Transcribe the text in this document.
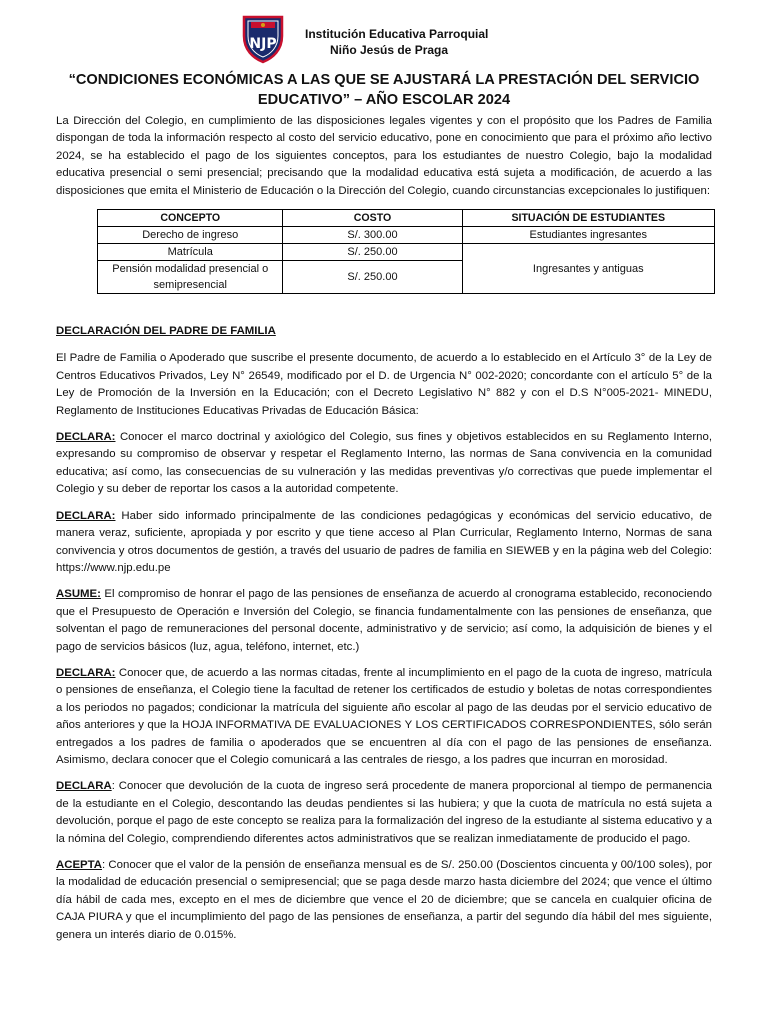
NJP
Institución Educativa Parroquial
Niño Jesús de Praga
“CONDICIONES ECONÓMICAS A LAS QUE SE AJUSTARÁ LA PRESTACIÓN DEL SERVICIO EDUCATIVO” – AÑO ESCOLAR 2024

La Dirección del Colegio, en cumplimiento de las disposiciones legales vigentes y con el propósito que los Padres de Familia dispongan de toda la información respecto al costo del servicio educativo, pone en conocimiento que para el próximo año lectivo 2024, se ha establecido el pago de los siguientes conceptos, para los estudiantes de nuestro Colegio, bajo la modalidad educativa presencial o semi presencial; precisando que la modalidad educativa está sujeta a modificación, de acuerdo a las disposiciones que emita el Ministerio de Educación o la Dirección del Colegio, cuando circunstancias excepcionales lo justifiquen:

CONCEPTO	COSTO	SITUACIÓN DE ESTUDIANTES
Derecho de ingreso	S/. 300.00	Estudiantes ingresantes
Matrícula	S/. 250.00	Ingresantes y antiguas
Pensión modalidad presencial o semipresencial	S/. 250.00	

DECLARACIÓN DEL PADRE DE FAMILIA

El Padre de Familia o Apoderado que suscribe el presente documento, de acuerdo a lo establecido en el Artículo 3° de la Ley de Centros Educativos Privados, Ley N° 26549, modificado por el D. de Urgencia N° 002-2020; concordante con el artículo 5° de la Ley de Promoción de la Inversión en la Educación; con el Decreto Legislativo N° 882 y con el D.S N°005-2021- MINEDU, Reglamento de Instituciones Educativas Privadas de Educación Básica:

DECLARA: Conocer el marco doctrinal y axiológico del Colegio, sus fines y objetivos establecidos en su Reglamento Interno, expresando su compromiso de observar y respetar el Reglamento Interno, las normas de Sana convivencia en la comunidad educativa; así como, las consecuencias de su vulneración y las medidas preventivas y/o correctivas que puede implementar el Colegio y su deber de reportar los casos a la autoridad competente.

DECLARA: Haber sido informado principalmente de las condiciones pedagógicas y económicas del servicio educativo, de manera veraz, suficiente, apropiada y por escrito y que tiene acceso al Plan Curricular, Reglamento Interno, Normas de sana convivencia y otros documentos de gestión, a través del usuario de padres de familia en SIEWEB y en la página web del Colegio: https://www.njp.edu.pe

ASUME: El compromiso de honrar el pago de las pensiones de enseñanza de acuerdo al cronograma establecido, reconociendo que el Presupuesto de Operación e Inversión del Colegio, se financia fundamentalmente con las pensiones de enseñanza, que solventan el pago de remuneraciones del personal docente, administrativo y de servicio; así como, la adquisición de bienes y el pago de servicios básicos (luz, agua, teléfono, internet, etc.)

DECLARA: Conocer que, de acuerdo a las normas citadas, frente al incumplimiento en el pago de la cuota de ingreso, matrícula o pensiones de enseñanza, el Colegio tiene la facultad de retener los certificados de estudio y boletas de notas correspondientes a los periodos no pagados; condicionar la matrícula del siguiente año escolar al pago de las deudas por el servicio educativo de años anteriores y que la HOJA INFORMATIVA DE EVALUACIONES Y LOS CERTIFICADOS CORRESPONDIENTES, sólo serán entregados a los padres de familia o apoderados que se encuentren al día con el pago de las pensiones de enseñanza. Asimismo, declara conocer que el Colegio comunicará a las centrales de riesgo, a los padres que incurran en morosidad.

DECLARA: Conocer que devolución de la cuota de ingreso será procedente de manera proporcional al tiempo de permanencia de la estudiante en el Colegio, descontando las deudas pendientes si las hubiera; y que la cuota de matrícula no está sujeta a devolución, porque el pago de este concepto se realiza para la formalización del ingreso de la estudiante al sistema educativo y a la nómina del Colegio, comprendiendo diferentes actos administrativos que se realizan inmediatamente de producido el pago.

ACEPTA: Conocer que el valor de la pensión de enseñanza mensual es de S/. 250.00 (Doscientos cincuenta y 00/100 soles), por la modalidad de educación presencial o semipresencial; que se paga desde marzo hasta diciembre del 2024; que vence el último día hábil de cada mes, excepto en el mes de diciembre que vence el 20 de diciembre; que se cancela en cualquier oficina de CAJA PIURA y que el incumplimiento del pago de las pensiones de enseñanza, a partir del segundo día hábil del mes siguiente, genera un interés diario de 0.015%.
